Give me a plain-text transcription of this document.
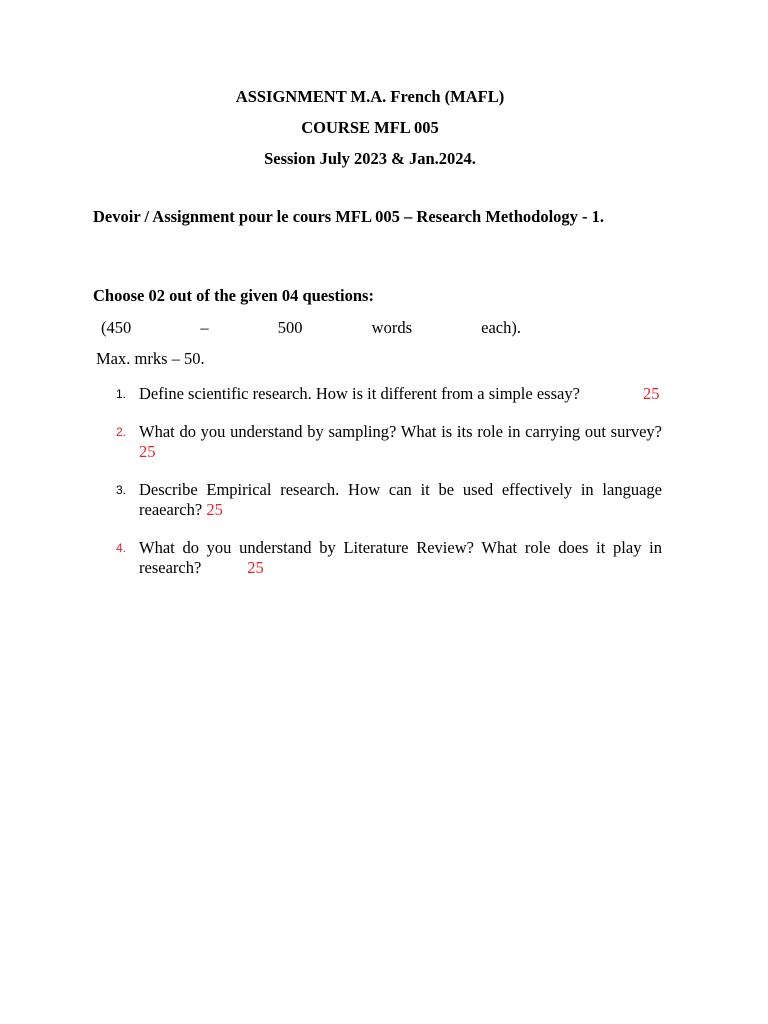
ASSIGNMENT M.A. French (MAFL)
COURSE MFL 005
Session July 2023 & Jan.2024.
Devoir / Assignment pour le cours MFL 005 – Research Methodology - 1.
Choose 02 out of the given 04 questions:
(450	–	500	words	each).
Max. mrks – 50.
1. Define scientific research. How is it different from a simple essay?	25
2. What do you understand by sampling? What is its role in carrying out survey? 25
3. Describe Empirical research. How can it be used effectively in language reaearch? 25
4. What do you understand by Literature Review? What role does it play in research?	25
